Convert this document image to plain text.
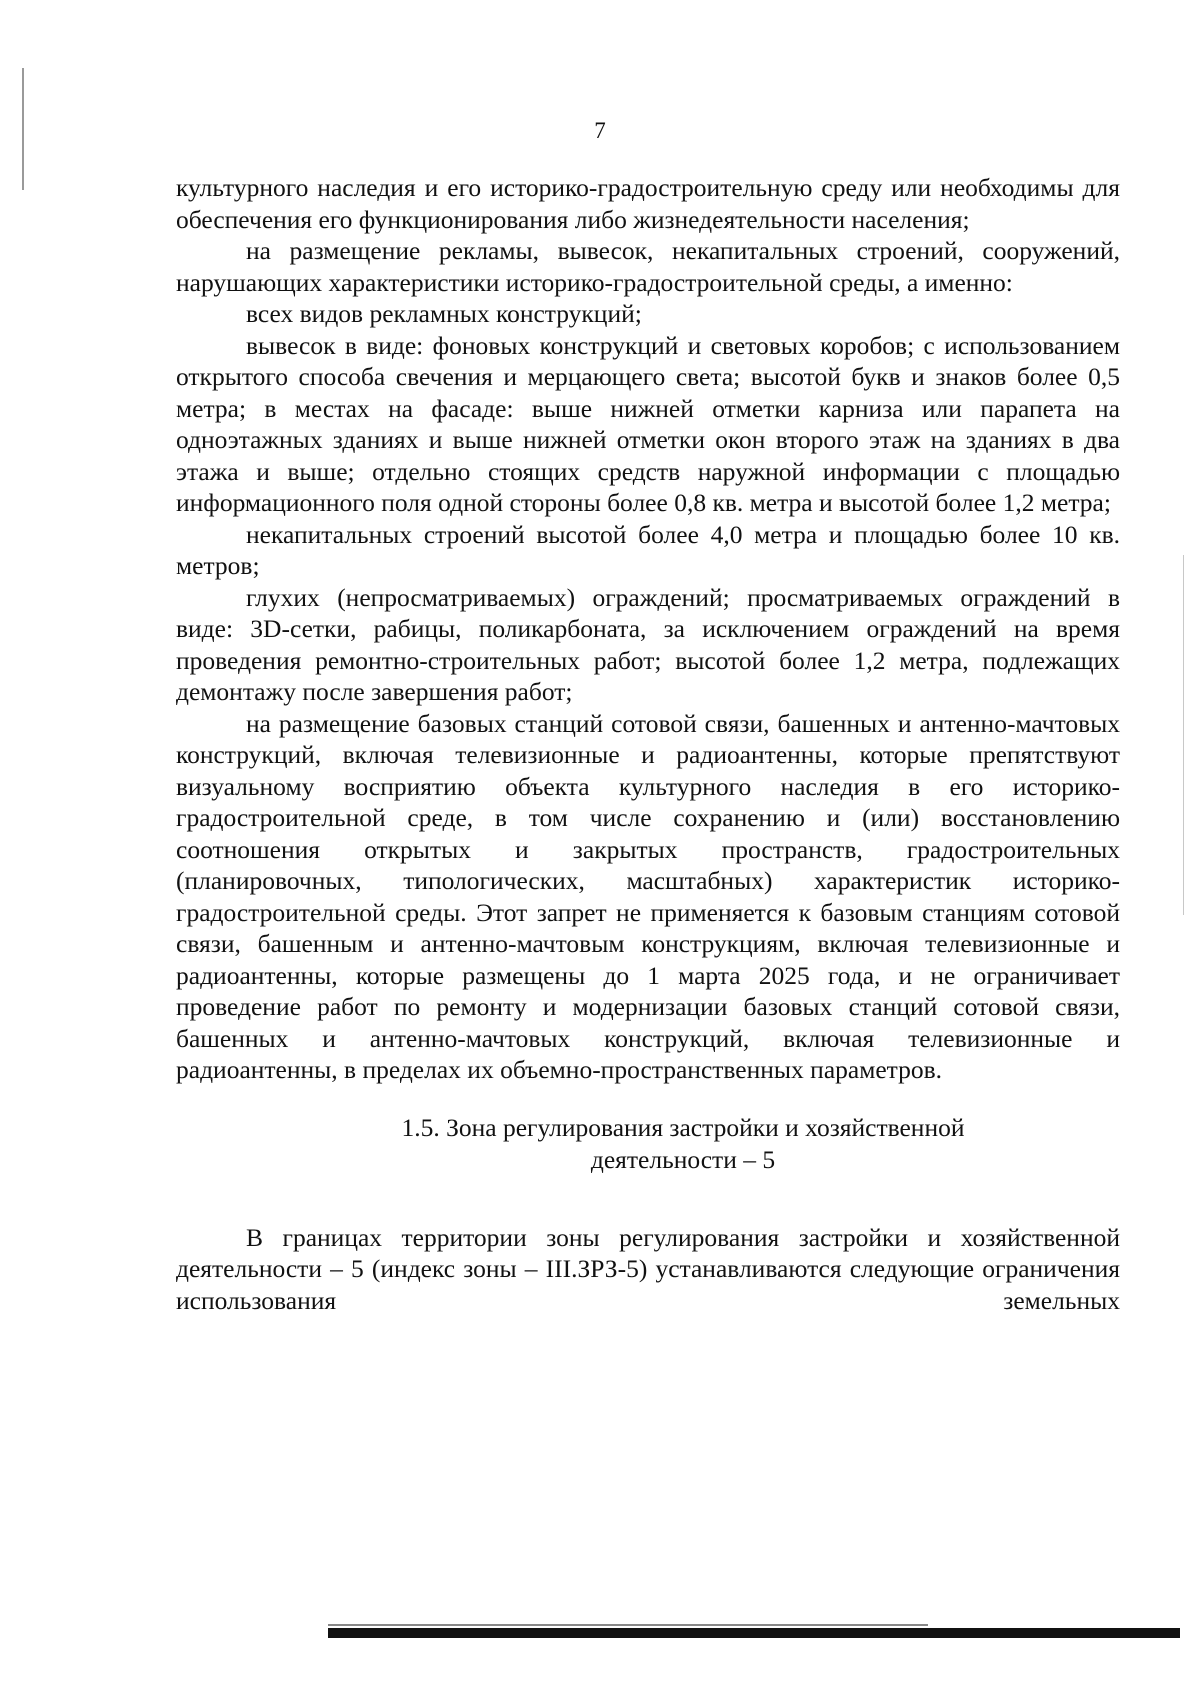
7

культурного наследия и его историко-градостроительную среду или необходимы для обеспечения его функционирования либо жизнедеятельности населения;

на размещение рекламы, вывесок, некапитальных строений, сооружений, нарушающих характеристики историко-градостроительной среды, а именно:

всех видов рекламных конструкций;

вывесок в виде: фоновых конструкций и световых коробов; с использованием открытого способа свечения и мерцающего света; высотой букв и знаков более 0,5 метра; в местах на фасаде: выше нижней отметки карниза или парапета на одноэтажных зданиях и выше нижней отметки окон второго этаж на зданиях в два этажа и выше; отдельно стоящих средств наружной информации с площадью информационного поля одной стороны более 0,8 кв. метра и высотой более 1,2 метра;

некапитальных строений высотой более 4,0 метра и площадью более 10 кв. метров;

глухих (непросматриваемых) ограждений; просматриваемых ограждений в виде: 3D-сетки, рабицы, поликарбоната, за исключением ограждений на время проведения ремонтно-строительных работ; высотой более 1,2 метра, подлежащих демонтажу после завершения работ;

на размещение базовых станций сотовой связи, башенных и антенно-мачтовых конструкций, включая телевизионные и радиоантенны, которые препятствуют визуальному восприятию объекта культурного наследия в его историко-градостроительной среде, в том числе сохранению и (или) восстановлению соотношения открытых и закрытых пространств, градостроительных (планировочных, типологических, масштабных) характеристик историко-градостроительной среды. Этот запрет не применяется к базовым станциям сотовой связи, башенным и антенно-мачтовым конструкциям, включая телевизионные и радиоантенны, которые размещены до 1 марта 2025 года, и не ограничивает проведение работ по ремонту и модернизации базовых станций сотовой связи, башенных и антенно-мачтовых конструкций, включая телевизионные и радиоантенны, в пределах их объемно-пространственных параметров.

1.5. Зона регулирования застройки и хозяйственной
деятельности – 5

В границах территории зоны регулирования застройки и хозяйственной деятельности – 5 (индекс зоны – III.ЗРЗ-5) устанавливаются следующие ограничения использования земельных
